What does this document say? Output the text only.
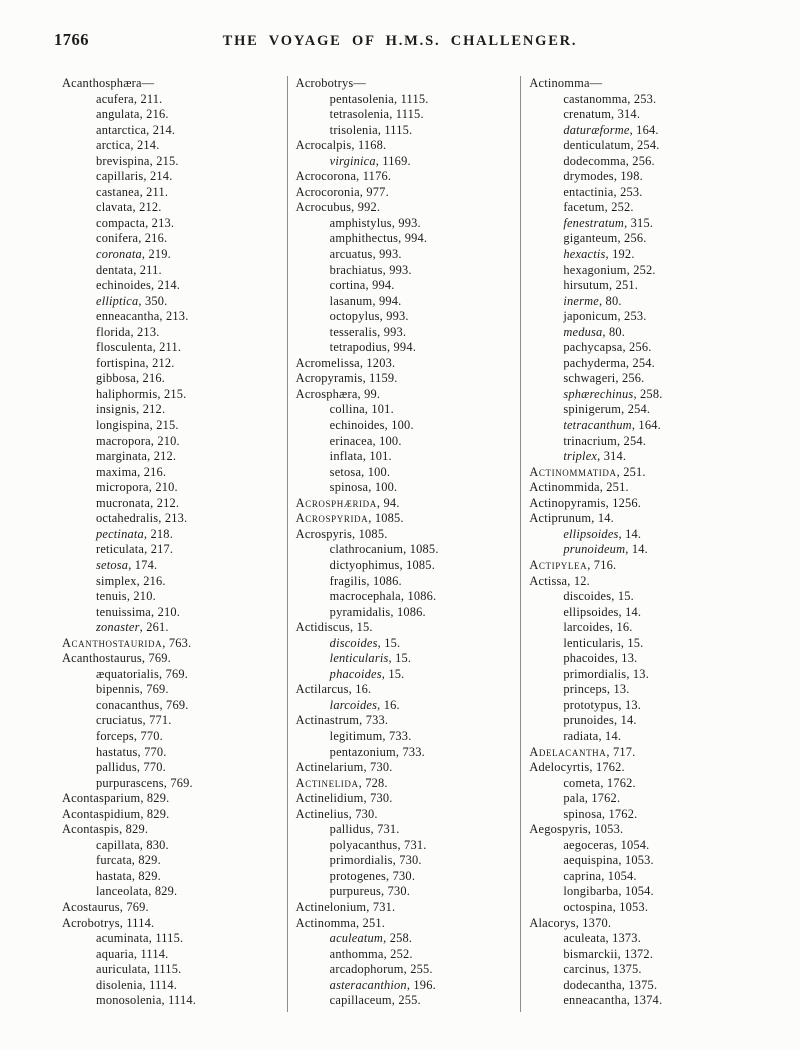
1766	THE VOYAGE OF H.M.S. CHALLENGER.
Acanthosphæra—
acufera, 211.
angulata, 216.
antarctica, 214.
arctica, 214.
brevispina, 215.
capillaris, 214.
castanea, 211.
clavata, 212.
compacta, 213.
conifera, 216.
coronata, 219.
dentata, 211.
echinoides, 214.
elliptica, 350.
enneacantha, 213.
florida, 213.
flosculenta, 211.
fortispina, 212.
gibbosa, 216.
haliphormis, 215.
insignis, 212.
longispina, 215.
macropora, 210.
marginata, 212.
maxima, 216.
micropora, 210.
mucronata, 212.
octahedralis, 213.
pectinata, 218.
reticulata, 217.
setosa, 174.
simplex, 216.
tenuis, 210.
tenuissima, 210.
zonaster, 261.
Acanthostaurida, 763.
Acanthostaurus, 769.
æquatorialis, 769.
bipennis, 769.
conacanthus, 769.
cruciatus, 771.
forceps, 770.
hastatus, 770.
pallidus, 770.
purpurascens, 769.
Acontasparium, 829.
Acontaspidium, 829.
Acontaspis, 829.
capillata, 830.
furcata, 829.
hastata, 829.
lanceolata, 829.
Acostaurus, 769.
Acrobotrys, 1114.
acuminata, 1115.
aquaria, 1114.
auriculata, 1115.
disolenia, 1114.
monosolenia, 1114.
Acrobotrys—
pentasolenia, 1115.
tetrasolenia, 1115.
trisolenia, 1115.
Acrocalpis, 1168.
virginica, 1169.
Acrocorona, 1176.
Acrocoronia, 977.
Acrocubus, 992.
amphistylus, 993.
amphithectus, 994.
arcuatus, 993.
brachiatus, 993.
cortina, 994.
lasanum, 994.
octopylus, 993.
tesseralis, 993.
tetrapodius, 994.
Acromelissa, 1203.
Acropyramis, 1159.
Acrosphæra, 99.
collina, 101.
echinoides, 100.
erinacea, 100.
inflata, 101.
setosa, 100.
spinosa, 100.
Acrosphærida, 94.
Acrospyrida, 1085.
Acrospyris, 1085.
clathrocanium, 1085.
dictyophimus, 1085.
fragilis, 1086.
macrocephala, 1086.
pyramidalis, 1086.
Actidiscus, 15.
discoides, 15.
lenticularis, 15.
phacoides, 15.
Actilarcus, 16.
larcoides, 16.
Actinastrum, 733.
legitimum, 733.
pentazonium, 733.
Actinelarium, 730.
Actinelida, 728.
Actinelidium, 730.
Actinelius, 730.
pallidus, 731.
polyacanthus, 731.
primordialis, 730.
protogenes, 730.
purpureus, 730.
Actinelonium, 731.
Actinomma, 251.
aculeatum, 258.
anthomma, 252.
arcadophorum, 255.
asteracanthion, 196.
capillaceum, 255.
Actinomma—
castanomma, 253.
crenatum, 314.
daturæforme, 164.
denticulatum, 254.
dodecomma, 256.
drymodes, 198.
entactinia, 253.
facetum, 252.
fenestratum, 315.
giganteum, 256.
hexactis, 192.
hexagonium, 252.
hirsutum, 251.
inerme, 80.
japonicum, 253.
medusa, 80.
pachycapsa, 256.
pachyderma, 254.
schwageri, 256.
sphærechinus, 258.
spinigerum, 254.
tetracanthum, 164.
trinacrium, 254.
triplex, 314.
Actinommatida, 251.
Actinommida, 251.
Actinopyramis, 1256.
Actiprunum, 14.
ellipsoides, 14.
prunoideum, 14.
Actipylea, 716.
Actissa, 12.
discoides, 15.
ellipsoides, 14.
larcoides, 16.
lenticularis, 15.
phacoides, 13.
primordialis, 13.
princeps, 13.
prototypus, 13.
prunoides, 14.
radiata, 14.
Adelacantha, 717.
Adelocyrtis, 1762.
cometa, 1762.
pala, 1762.
spinosa, 1762.
Aegospyris, 1053.
aegoceras, 1054.
aequispina, 1053.
caprina, 1054.
longibarba, 1054.
octospina, 1053.
Alacorys, 1370.
aculeata, 1373.
bismarckii, 1372.
carcinus, 1375.
dodecantha, 1375.
enneacantha, 1374.
